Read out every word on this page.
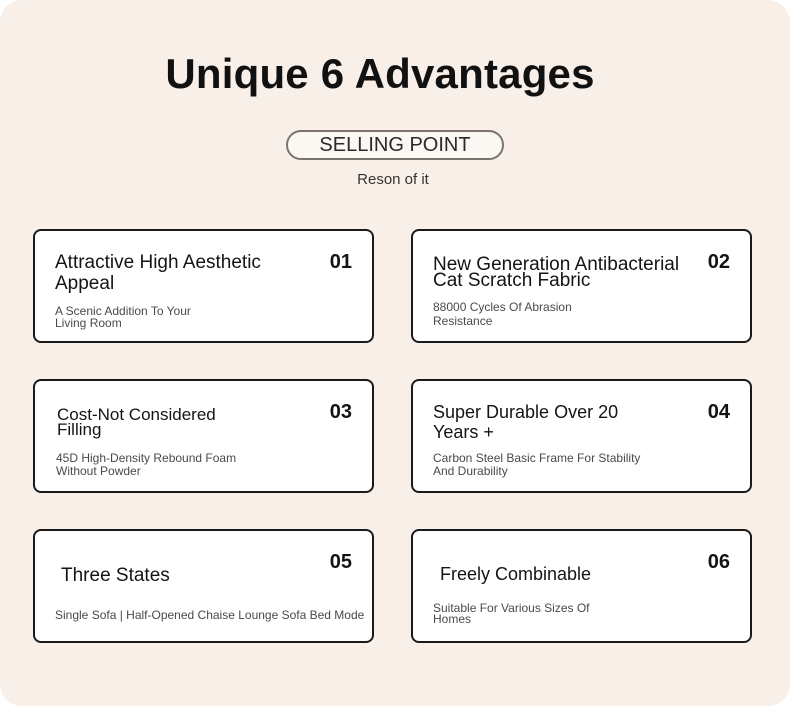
Unique 6 Advantages
SELLING POINT
Reson of it
Attractive High Aesthetic Appeal
01
A Scenic Addition To Your Living Room
New Generation Antibacterial Cat Scratch Fabric
02
88000 Cycles Of Abrasion Resistance
Cost-Not Considered Filling
03
45D High-Density Rebound Foam Without Powder
Super Durable Over 20 Years +
04
Carbon Steel Basic Frame For Stability And Durability
Three States
05
Single Sofa | Half-Opened Chaise Lounge Sofa Bed Mode
Freely Combinable
06
Suitable For Various Sizes Of Homes
